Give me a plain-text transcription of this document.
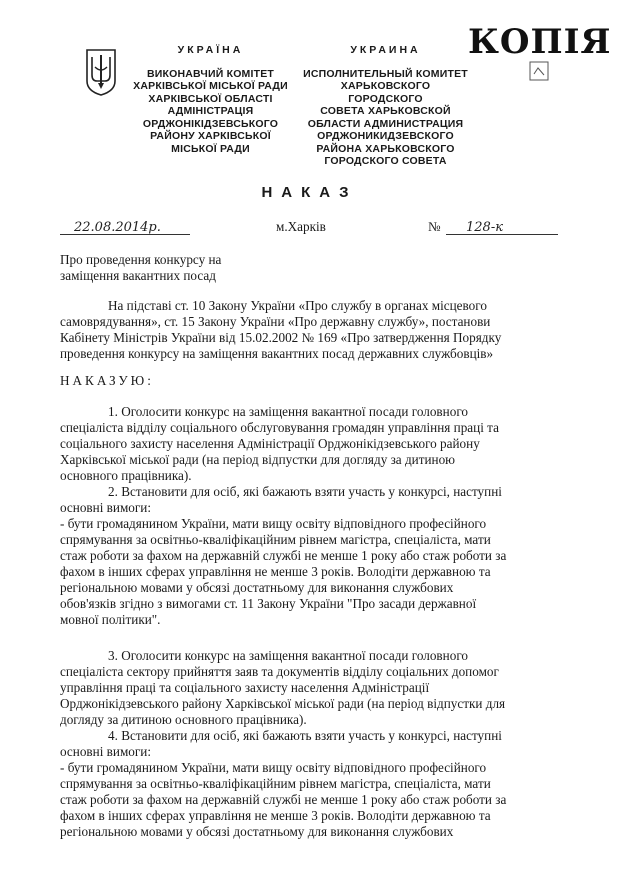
УКРАЇНА
ВИКОНАВЧИЙ КОМІТЕТ
ХАРКІВСЬКОЇ МІСЬКОЇ РАДИ
ХАРКІВСЬКОЇ ОБЛАСТІ
АДМІНІСТРАЦІЯ
ОРДЖОНІКІДЗЕВСЬКОГО
РАЙОНУ ХАРКІВСЬКОЇ
МІСЬКОЇ РАДИ
УКРАИНА
ИСПОЛНИТЕЛЬНЫЙ КОМИТЕТ
ХАРЬКОВСКОГО ГОРОДСКОГО
СОВЕТА ХАРЬКОВСКОЙ
ОБЛАСТИ АДМИНИСТРАЦИЯ
ОРДЖОНИКИДЗЕВСКОГО
РАЙОНА ХАРЬКОВСКОГО
ГОРОДСКОГО СОВЕТА
КОПІЯ
НАКАЗ
22.08.2014р.	м.Харків	№	128-к
Про проведення конкурсу на
заміщення вакантних посад
На підставі ст. 10 Закону України «Про службу в органах місцевого
самоврядування», ст. 15 Закону України «Про державну службу», постанови
Кабінету Міністрів України від 15.02.2002 № 169 «Про затвердження Порядку
проведення конкурсу на заміщення вакантних посад державних службовців»
НАКАЗУЮ:
1. Оголосити конкурс на заміщення вакантної посади головного
спеціаліста відділу соціального обслуговування громадян управління праці та
соціального захисту населення Адміністрації Орджонікідзевського району
Харківської міської ради (на період відпустки для догляду за дитиною
основного працівника).
2. Встановити для осіб, які бажають взяти участь у конкурсі, наступні
основні вимоги:
- бути громадянином України, мати вищу освіту відповідного професійного
спрямування за освітньо-кваліфікаційним рівнем магістра, спеціаліста, мати
стаж роботи за фахом на державній службі не менше 1 року або стаж роботи за
фахом в інших сферах управління не менше 3 років. Володіти державною та
регіональною мовами у обсязі достатньому для виконання службових
обов'язків згідно з вимогами ст. 11 Закону України "Про засади державної
мовної політики".
3. Оголосити конкурс на заміщення вакантної посади головного
спеціаліста сектору прийняття заяв та документів відділу соціальних допомог
управління праці та соціального захисту населення Адміністрації
Орджонікідзевського району Харківської міської ради (на період відпустки для
догляду за дитиною основного працівника).
4. Встановити для осіб, які бажають взяти участь у конкурсі, наступні
основні вимоги:
- бути громадянином України, мати вищу освіту відповідного професійного
спрямування за освітньо-кваліфікаційним рівнем магістра, спеціаліста, мати
стаж роботи за фахом на державній службі не менше 1 року або стаж роботи за
фахом в інших сферах управління не менше 3 років. Володіти державною та
регіональною мовами у обсязі достатньому для виконання службових
